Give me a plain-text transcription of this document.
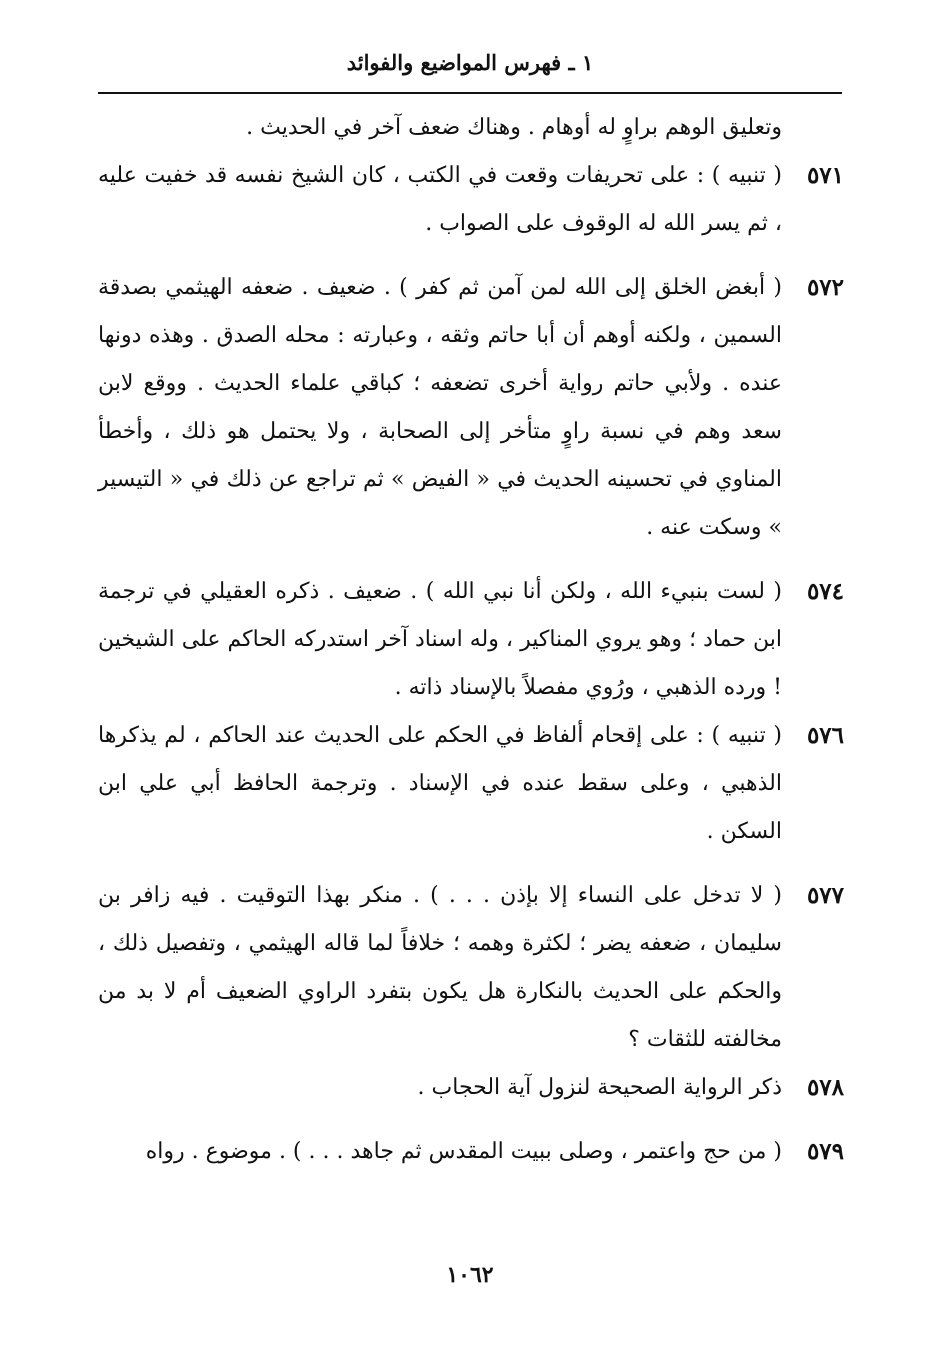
١ ـ فهرس المواضيع والفوائد
وتعليق الوهم براوٍ له أوهام . وهناك ضعف آخر في الحديث .
٥٧١
( تنبيه ) : على تحريفات وقعت في الكتب ، كان الشيخ نفسه قد خفيت عليه ، ثم يسر الله له الوقوف على الصواب .
٥٧٢
( أبغض الخلق إلى الله لمن آمن ثم كفر ) . ضعيف . ضعفه الهيثمي بصدقة السمين ، ولكنه أوهم أن أبا حاتم وثقه ، وعبارته : محله الصدق . وهذه دونها عنده . ولأبي حاتم رواية أخرى تضعفه ؛ كباقي علماء الحديث . ووقع لابن سعد وهم في نسبة راوٍ متأخر إلى الصحابة ، ولا يحتمل هو ذلك ، وأخطأ المناوي في تحسينه الحديث في « الفيض » ثم تراجع عن ذلك في « التيسير » وسكت عنه .
٥٧٤
( لست بنبيء الله ، ولكن أنا نبي الله ) . ضعيف . ذكره العقيلي في ترجمة ابن حماد ؛ وهو يروي المناكير ، وله اسناد آخر استدركه الحاكم على الشيخين ! ورده الذهبي ، ورُوي مفصلاً بالإسناد ذاته .
٥٧٦
( تنبيه ) : على إقحام ألفاظ في الحكم على الحديث عند الحاكم ، لم يذكرها الذهبي ، وعلى سقط عنده في الإسناد . وترجمة الحافظ أبي علي ابن السكن .
٥٧٧
( لا تدخل على النساء إلا بإذن . . . ) . منكر بهذا التوقيت . فيه زافر بن سليمان ، ضعفه يضر ؛ لكثرة وهمه ؛ خلافاً لما قاله الهيثمي ، وتفصيل ذلك ، والحكم على الحديث بالنكارة هل يكون بتفرد الراوي الضعيف أم لا بد من مخالفته للثقات ؟
٥٧٨
ذكر الرواية الصحيحة لنزول آية الحجاب .
٥٧٩
( من حج واعتمر ، وصلى ببيت المقدس ثم جاهد . . . ) . موضوع . رواه
١٠٦٢
